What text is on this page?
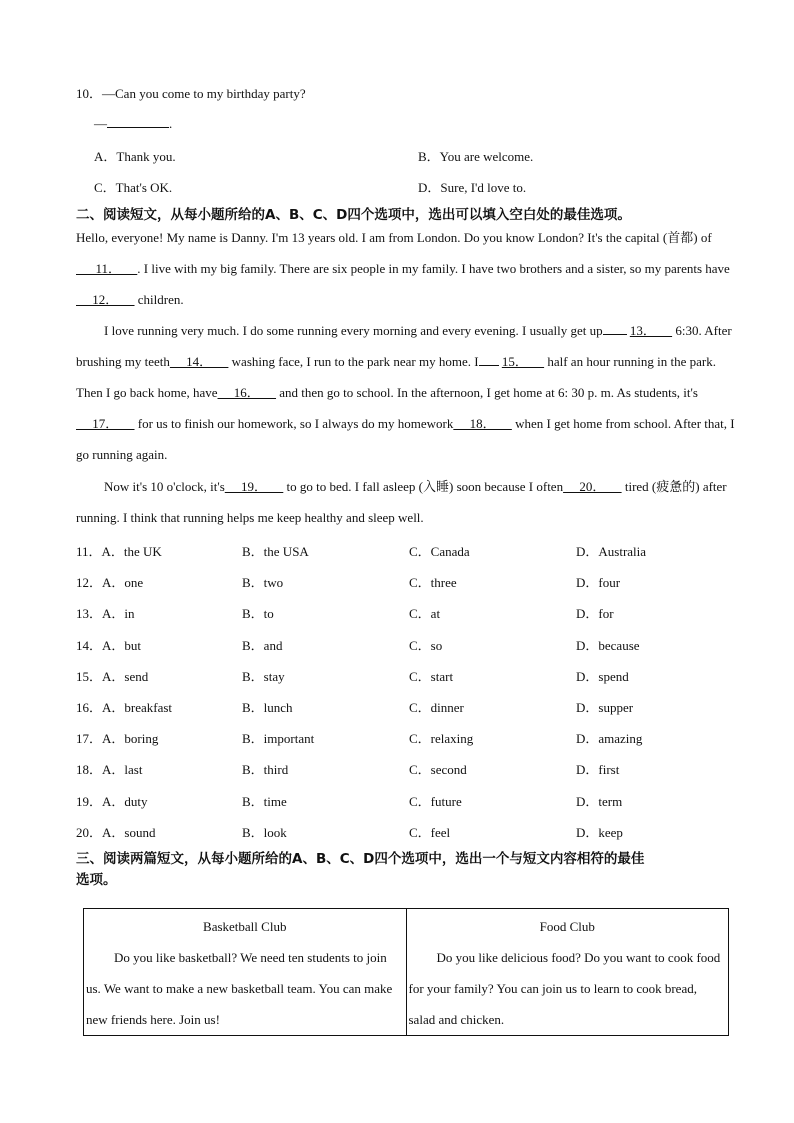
10．—Can you come to my birthday party?
—	.
A．Thank you.	B．You are welcome.
C．That's OK.	D．Sure, I'd love to.
二、阅读短文，从每小题所给的A、B、C、D四个选项中，选出可以填入空白处的最佳选项。
Hello, everyone! My name is Danny. I'm 13 years old. I am from London. Do you know London? It's the capital (首都) of      11．     . I live with my big family. There are six people in my family. I have two brothers and a sister, so my parents have     12．      children.
I love running very much. I do some running every morning and every evening. I usually get up 13．      6:30. After brushing my teeth     14．      washing face, I run to the park near my home. I 15．      half an hour running in the park. Then I go back home, have     16．      and then go to school. In the afternoon, I get home at 6: 30 p. m. As students, it's     17．      for us to finish our homework, so I always do my homework     18．      when I get home from school. After that, I go running again.
Now it's 10 o'clock, it's     19．      to go to bed. I fall asleep (入睡) soon because I often     20．      tired (疲惫的) after running. I think that running helps me keep healthy and sleep well.
11．A．the UK	B．the USA	C．Canada	D．Australia
12．A．one	B．two	C．three	D．four
13．A．in	B．to	C．at	D．for
14．A．but	B．and	C．so	D．because
15．A．send	B．stay	C．start	D．spend
16．A．breakfast	B．lunch	C．dinner	D．supper
17．A．boring	B．important	C．relaxing	D．amazing
18．A．last	B．third	C．second	D．first
19．A．duty	B．time	C．future	D．term
20．A．sound	B．look	C．feel	D．keep
三、阅读两篇短文，从每小题所给的A、B、C、D四个选项中，选出一个与短文内容相符的最佳
选项。
Basketball Club
Do you like basketball? We need ten students to join us. We want to make a new basketball team. You can make new friends here. Join us!

Food Club
Do you like delicious food? Do you want to cook food for your family? You can join us to learn to cook bread, salad and chicken.
